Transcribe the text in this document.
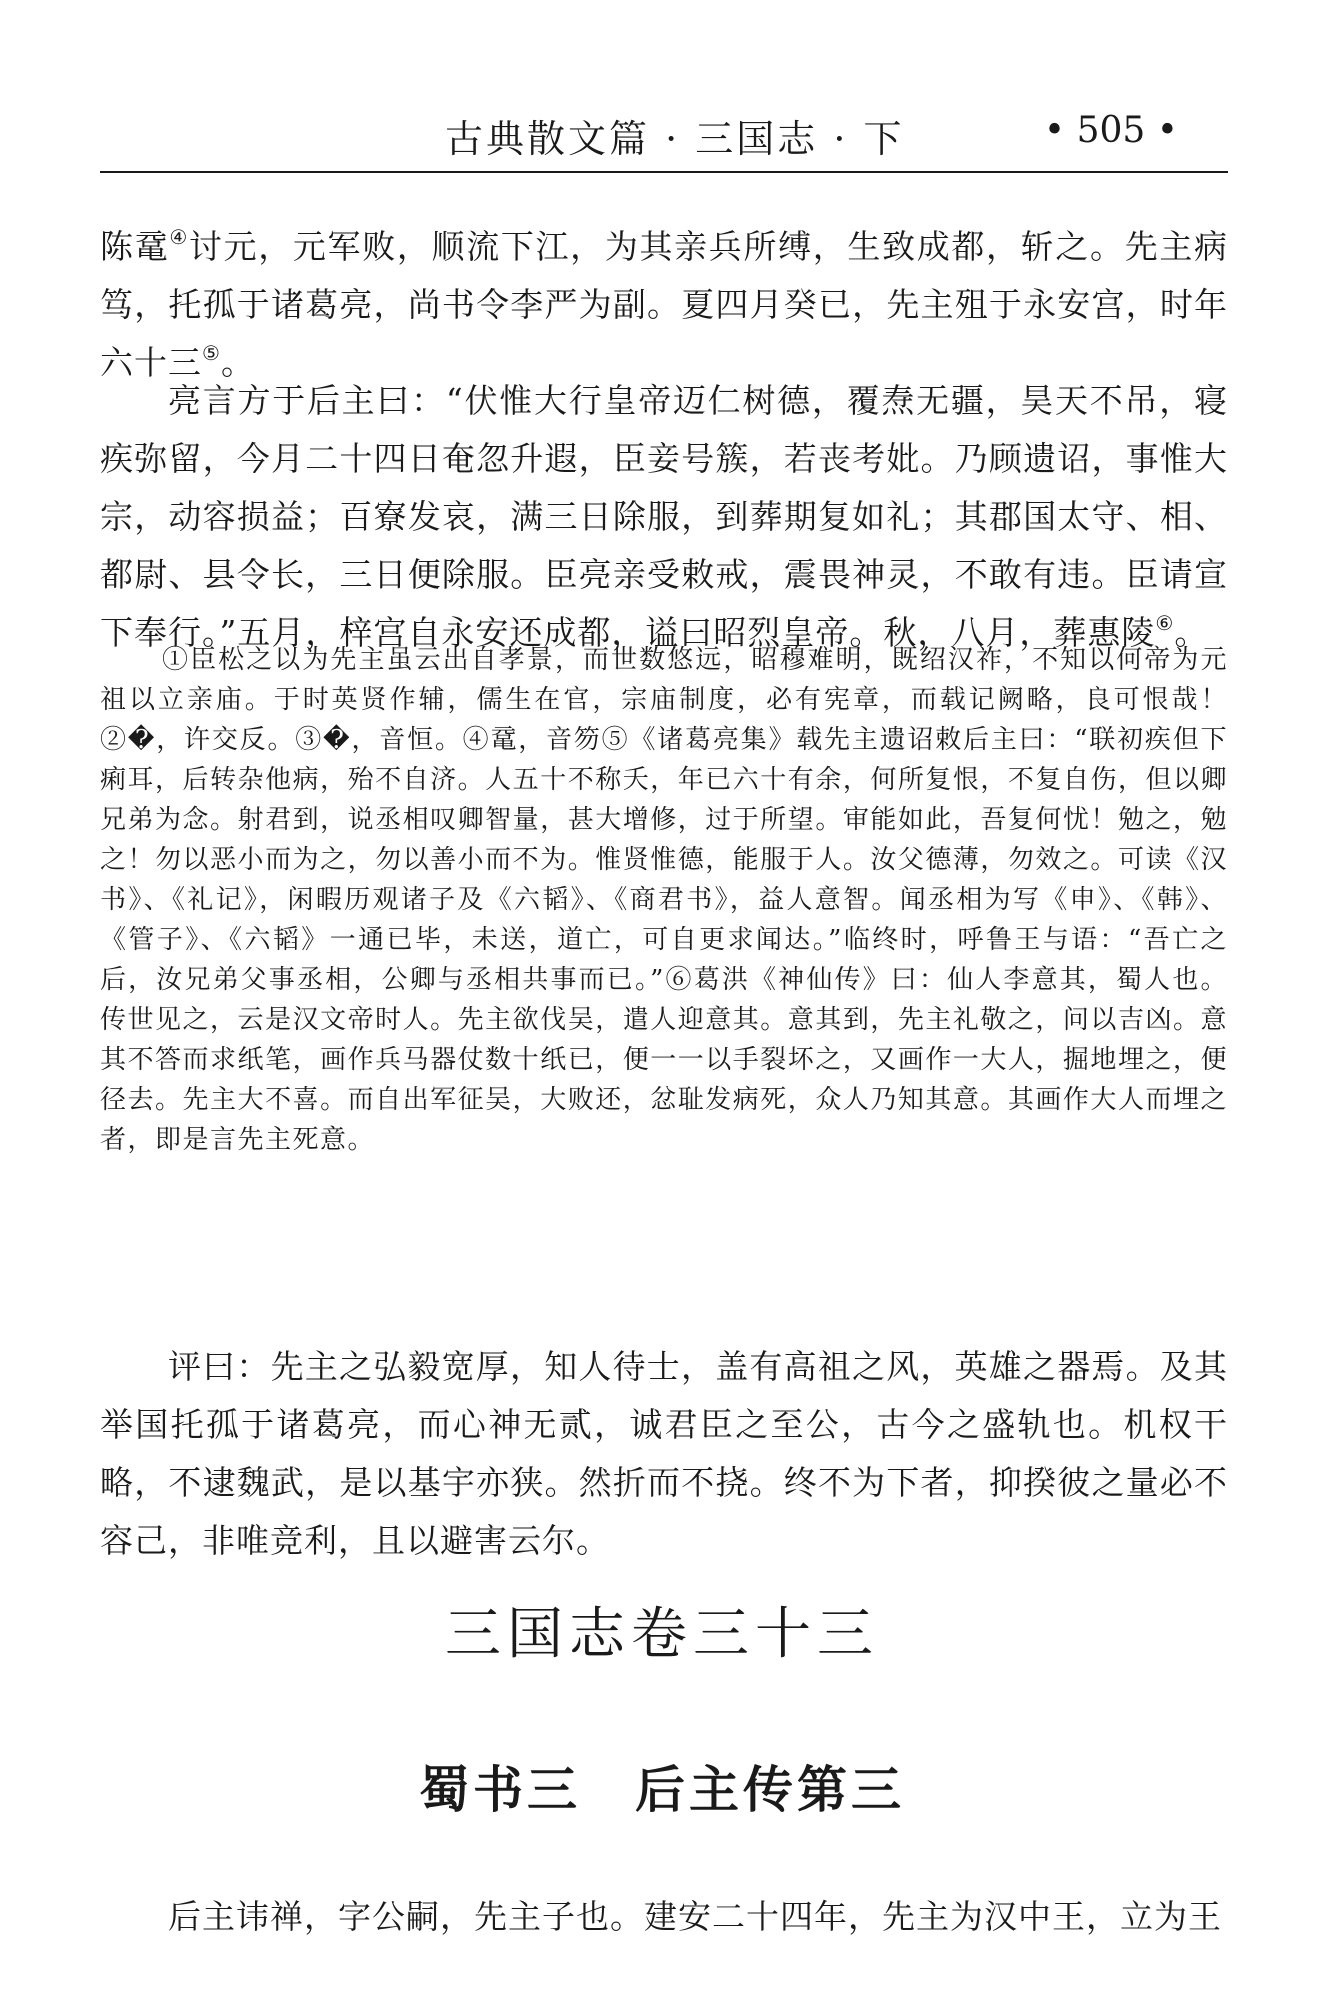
古典散文篇 · 三国志 · 下	• 505 •

陈鼋④讨元，元军败，顺流下江，为其亲兵所缚，生致成都，斩之。先主病笃，托孤于诸葛亮，尚书令李严为副。夏四月癸已，先主殂于永安宫，时年六十三⑤。

亮言方于后主曰：“伏惟大行皇帝迈仁树德，覆焘无疆，昊天不吊，寝疾弥留，今月二十四日奄忽升遐，臣妾号簇，若丧考妣。乃顾遗诏，事惟大宗，动容损益；百寮发哀，满三日除服，到葬期复如礼；其郡国太守、相、都尉、县令长，三日便除服。臣亮亲受敕戒，震畏神灵，不敢有违。臣请宣下奉行。”五月，梓宫自永安还成都，谥曰昭烈皇帝。秋，八月，葬惠陵⑥。

①臣松之以为先主虽云出自孝景，而世数悠远，昭穆难明，既绍汉祚，不知以何帝为元祖以立亲庙。于时英贤作辅，儒生在官，宗庙制度，必有宪章，而载记阙略，良可恨哉！②�，许交反。③�，音恒。④鼋，音笏⑤《诸葛亮集》载先主遗诏敕后主曰：“联初疾但下痢耳，后转杂他病，殆不自济。人五十不称夭，年已六十有余，何所复恨，不复自伤，但以卿兄弟为念。射君到，说丞相叹卿智量，甚大增修，过于所望。审能如此，吾复何忧！勉之，勉之！勿以恶小而为之，勿以善小而不为。惟贤惟德，能服于人。汝父德薄，勿效之。可读《汉书》、《礼记》，闲暇历观诸子及《六韬》、《商君书》，益人意智。闻丞相为写《申》、《韩》、《管子》、《六韬》一通已毕，未送，道亡，可自更求闻达。”临终时，呼鲁王与语：“吾亡之后，汝兄弟父事丞相，公卿与丞相共事而已。”⑥葛洪《神仙传》曰：仙人李意其，蜀人也。传世见之，云是汉文帝时人。先主欲伐吴，遣人迎意其。意其到，先主礼敬之，问以吉凶。意其不答而求纸笔，画作兵马器仗数十纸已，便一一以手裂坏之，又画作一大人，掘地埋之，便径去。先主大不喜。而自出军征吴，大败还，忿耻发病死，众人乃知其意。其画作大人而埋之者，即是言先主死意。

评曰：先主之弘毅宽厚，知人待士，盖有高祖之风，英雄之器焉。及其举国托孤于诸葛亮，而心神无贰，诚君臣之至公，古今之盛轨也。机权干略，不逮魏武，是以基宇亦狭。然折而不挠。终不为下者，抑揆彼之量必不容己，非唯竞利，且以避害云尔。

三国志卷三十三
蜀书三　后主传第三

后主讳禅，字公嗣，先主子也。建安二十四年，先主为汉中王，立为王
